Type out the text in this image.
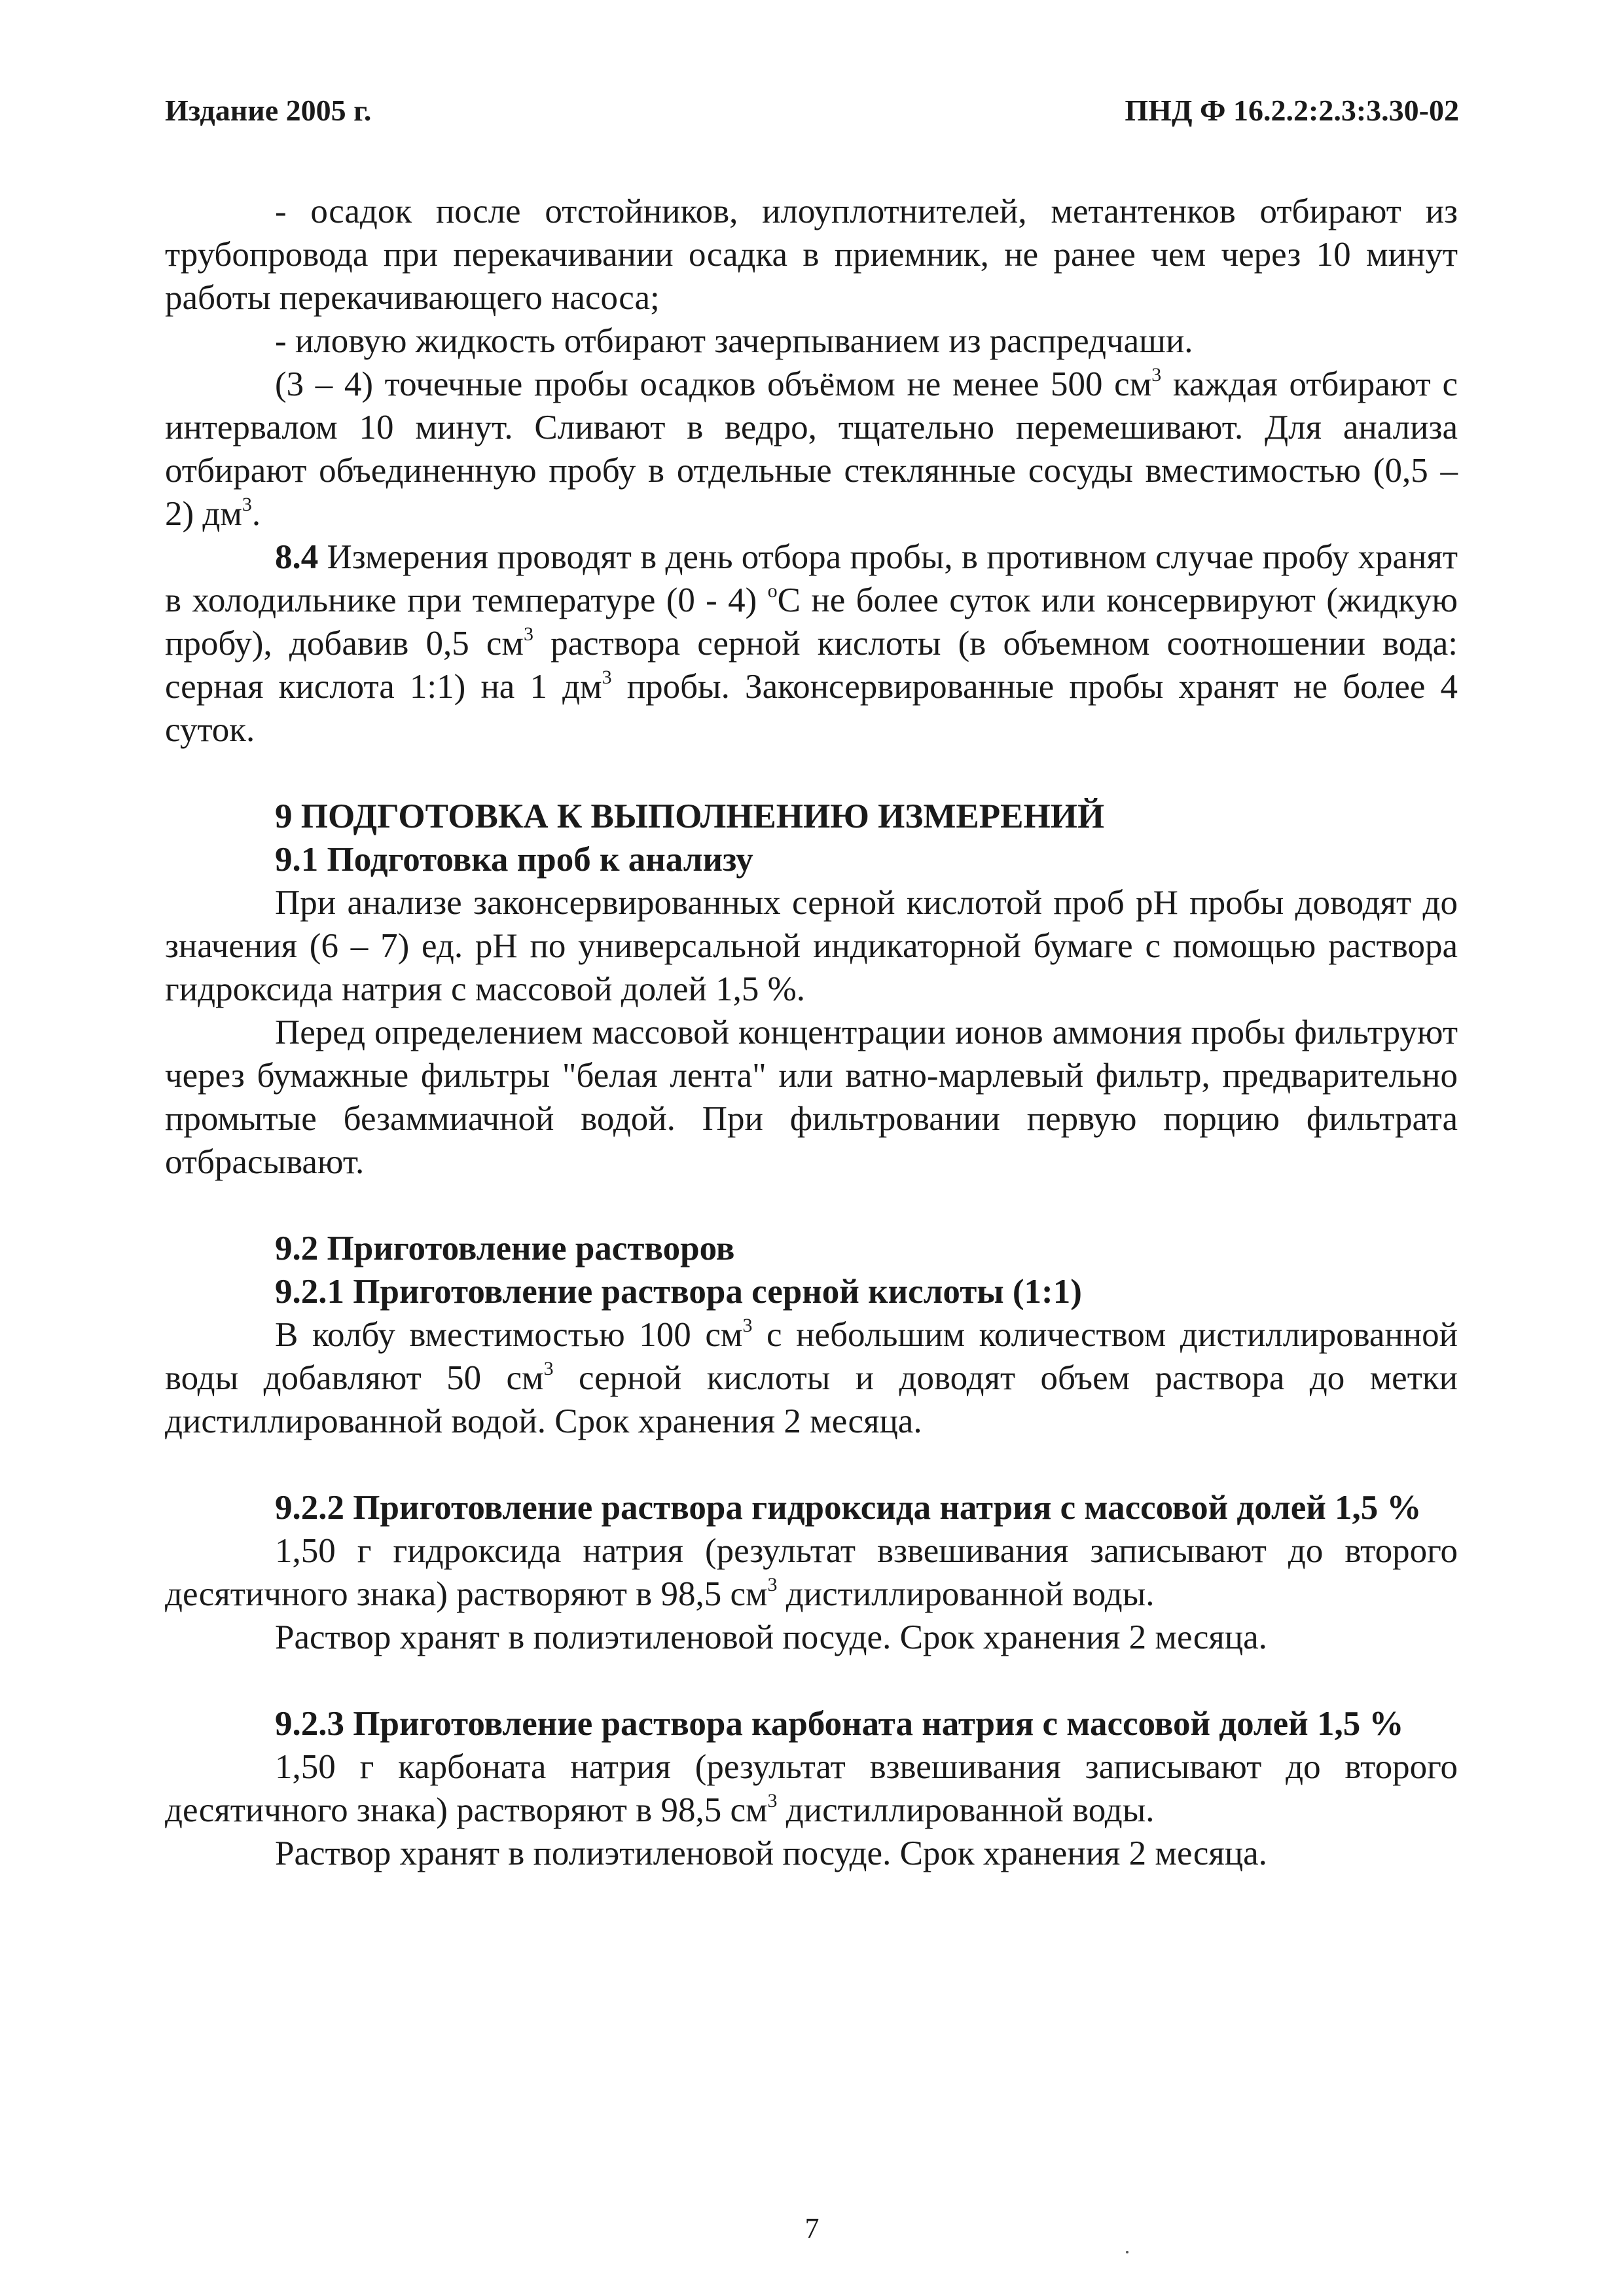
Издание 2005 г.	ПНД Ф 16.2.2:2.3:3.30-02

- осадок после отстойников, илоуплотнителей, метантенков отбирают из трубопровода при перекачивании осадка в приемник, не ранее чем через 10 минут работы перекачивающего насоса;

- иловую жидкость отбирают зачерпыванием из распредчаши.

(3 – 4) точечные пробы осадков объёмом не менее 500 $см^3$ каждая отбирают с интервалом 10 минут. Сливают в ведро, тщательно перемешивают. Для анализа отбирают объединенную пробу в отдельные стеклянные сосуды вместимостью (0,5 – 2) $дм^3$.

8.4 Измерения проводят в день отбора пробы, в противном случае пробу хранят в холодильнике при температуре (0 - 4) $^o$С не более суток или консервируют (жидкую пробу), добавив 0,5 $см^3$ раствора серной кислоты (в объемном соотношении вода: серная кислота 1:1) на 1 $дм^3$ пробы. Законсервированные пробы хранят не более 4 суток.

9 ПОДГОТОВКА К ВЫПОЛНЕНИЮ ИЗМЕРЕНИЙ

9.1 Подготовка проб к анализу

При анализе законсервированных серной кислотой проб pH пробы доводят до значения (6 – 7) ед. pH по универсальной индикаторной бумаге с помощью раствора гидроксида натрия с массовой долей 1,5 %.

Перед определением массовой концентрации ионов аммония пробы фильтруют через бумажные фильтры "белая лента" или ватно-марлевый фильтр, предварительно промытые безаммиачной водой. При фильтровании первую порцию фильтрата отбрасывают.

9.2 Приготовление растворов

9.2.1 Приготовление раствора серной кислоты (1:1)

В колбу вместимостью 100 $см^3$ с небольшим количеством дистиллированной воды добавляют 50 $см^3$ серной кислоты и доводят объем раствора до метки дистиллированной водой. Срок хранения 2 месяца.

9.2.2 Приготовление раствора гидроксида натрия с массовой долей 1,5 %

1,50 г гидроксида натрия (результат взвешивания записывают до второго десятичного знака) растворяют в 98,5 $см^3$ дистиллированной воды.

Раствор хранят в полиэтиленовой посуде. Срок хранения 2 месяца.

9.2.3 Приготовление раствора карбоната натрия с массовой долей 1,5 %

1,50 г карбоната натрия (результат взвешивания записывают до второго десятичного знака) растворяют в 98,5 $см^3$ дистиллированной воды.

Раствор хранят в полиэтиленовой посуде. Срок хранения 2 месяца.

7
